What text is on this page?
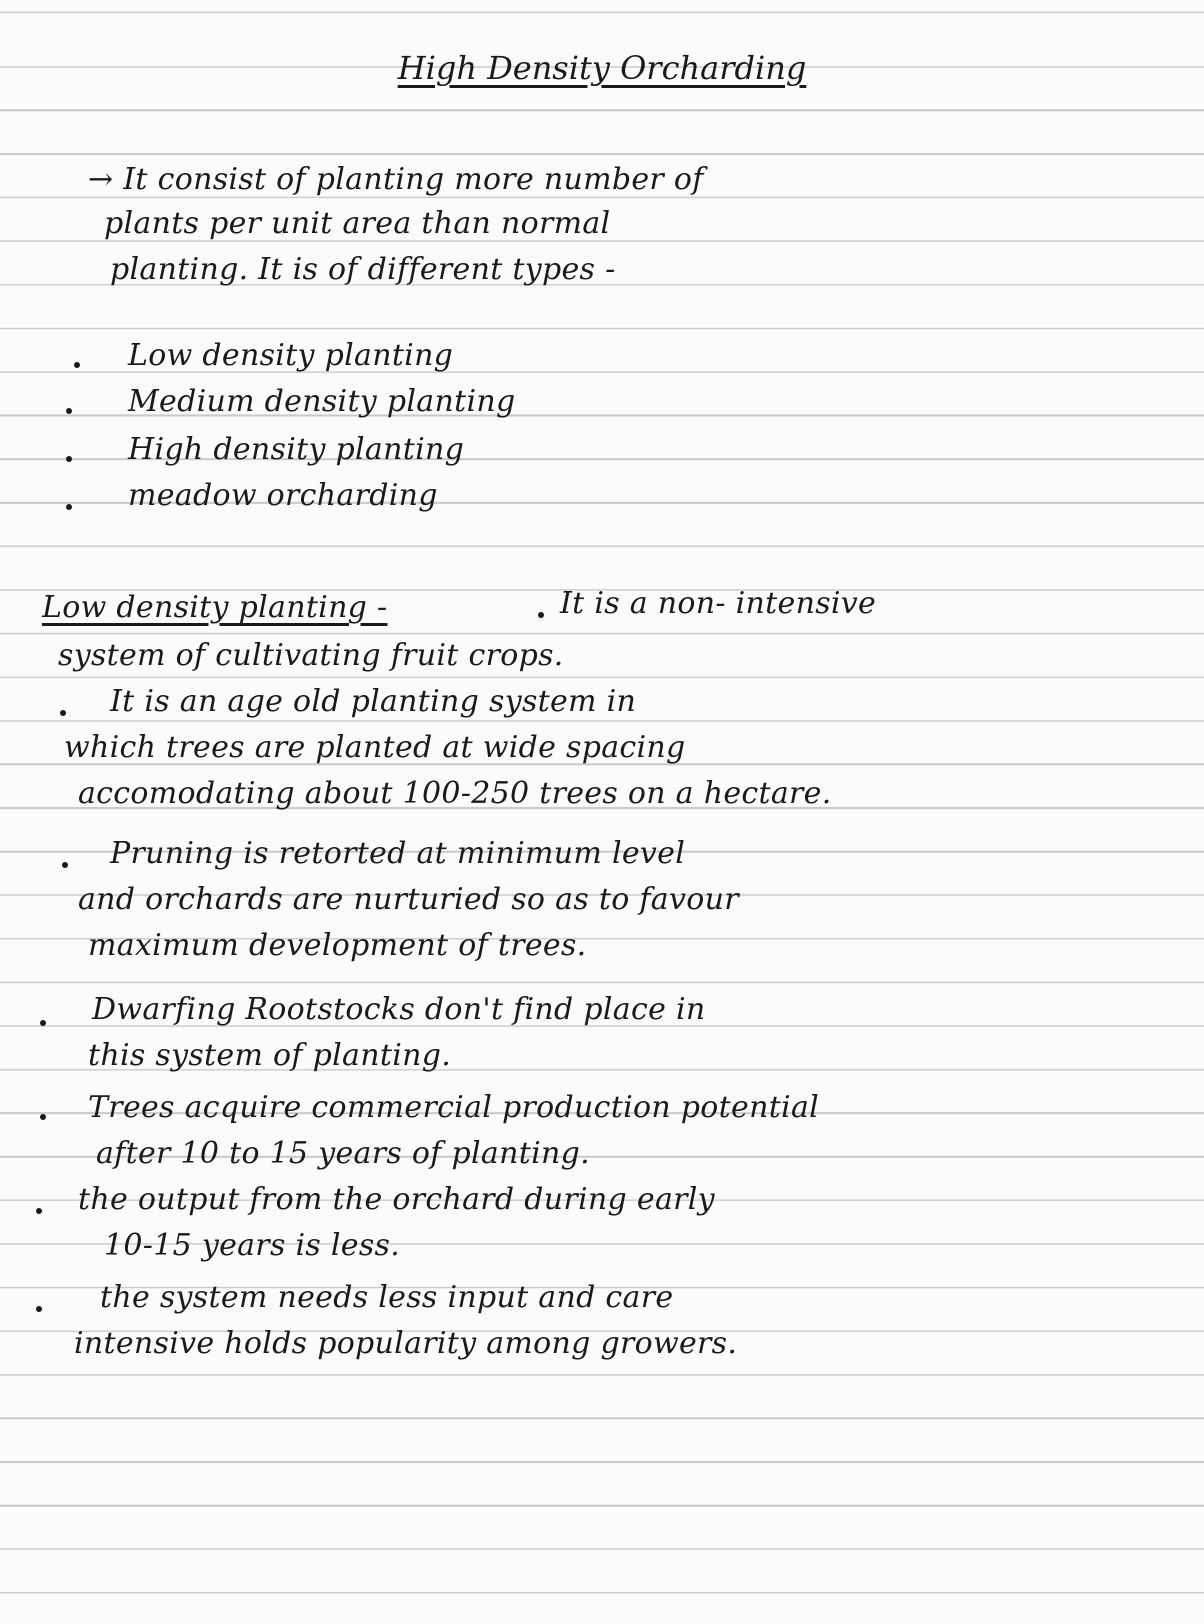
High Density Orcharding
→ It consist of planting more number of
plants per unit area than normal
planting. It is of different types -
Low density planting
Medium density planting
High density planting
meadow orcharding
Low density planting -	It is a non- intensive
system of cultivating fruit crops.
It is an age old planting system in
which trees are planted at wide spacing
accomodating about 100-250 trees on a hectare.
Pruning is retorted at minimum level
and orchards are nurturied so as to favour
maximum development of trees.
Dwarfing Rootstocks don't find place in
this system of planting.
Trees acquire commercial production potential
after 10 to 15 years of planting.
the output from the orchard during early
10-15 years is less.
the system needs less input and care
intensive holds popularity among growers.
